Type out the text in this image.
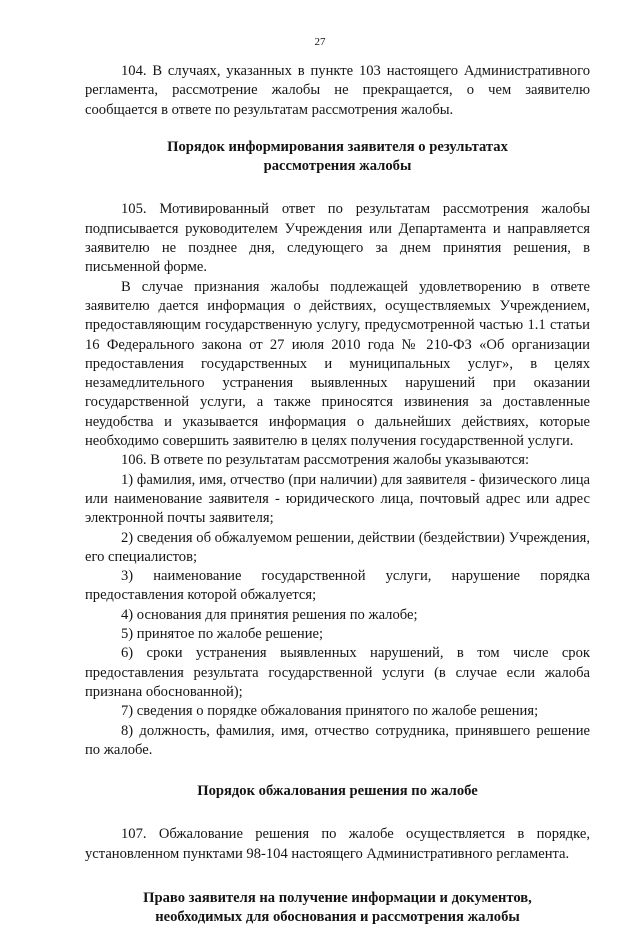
27

104. В случаях, указанных в пункте 103 настоящего Административного регламента, рассмотрение жалобы не прекращается, о чем заявителю сообщается в ответе по результатам рассмотрения жалобы.

Порядок информирования заявителя о результатах
рассмотрения жалобы

105. Мотивированный ответ по результатам рассмотрения жалобы подписывается руководителем Учреждения или Департамента и направляется заявителю не позднее дня, следующего за днем принятия решения, в письменной форме.

В случае признания жалобы подлежащей удовлетворению в ответе заявителю дается информация о действиях, осуществляемых Учреждением, предоставляющим государственную услугу, предусмотренной частью 1.1 статьи 16 Федерального закона от 27 июля 2010 года № 210-ФЗ «Об организации предоставления государственных и муниципальных услуг», в целях незамедлительного устранения выявленных нарушений при оказании государственной услуги, а также приносятся извинения за доставленные неудобства и указывается информация о дальнейших действиях, которые необходимо совершить заявителю в целях получения государственной услуги.

106. В ответе по результатам рассмотрения жалобы указываются:

1) фамилия, имя, отчество (при наличии) для заявителя - физического лица или наименование заявителя - юридического лица, почтовый адрес или адрес электронной почты заявителя;

2) сведения об обжалуемом решении, действии (бездействии) Учреждения, его специалистов;

3) наименование государственной услуги, нарушение порядка предоставления которой обжалуется;

4) основания для принятия решения по жалобе;

5) принятое по жалобе решение;

6) сроки устранения выявленных нарушений, в том числе срок предоставления результата государственной услуги (в случае если жалоба признана обоснованной);

7) сведения о порядке обжалования принятого по жалобе решения;

8) должность, фамилия, имя, отчество сотрудника, принявшего решение по жалобе.

Порядок обжалования решения по жалобе

107. Обжалование решения по жалобе осуществляется в порядке, установленном пунктами 98-104 настоящего Административного регламента.

Право заявителя на получение информации и документов,
необходимых для обоснования и рассмотрения жалобы
